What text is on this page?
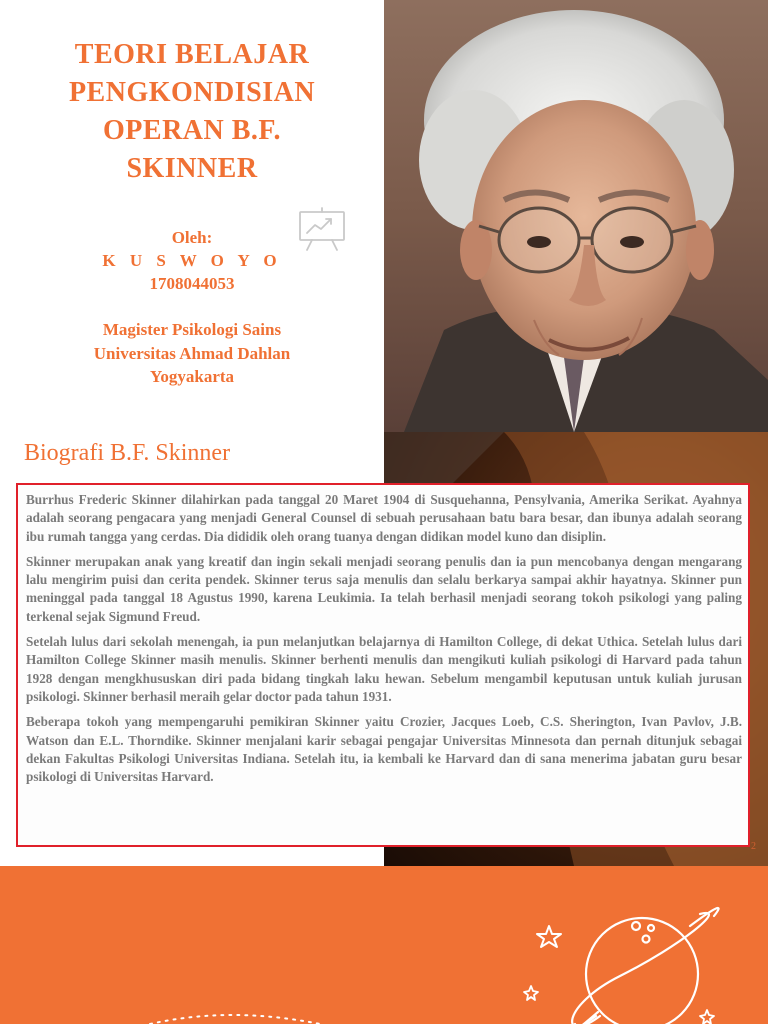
TEORI BELAJAR
PENGKONDISIAN
OPERAN B.F.
SKINNER
Oleh:
K U S W O Y O
1708044053
Magister Psikologi Sains
Universitas Ahmad Dahlan
Yogyakarta
Biografi B.F. Skinner

Burrhus Frederic Skinner dilahirkan pada tanggal 20 Maret 1904 di Susquehanna, Pensylvania, Amerika Serikat. Ayahnya adalah seorang pengacara yang menjadi General Counsel di sebuah perusahaan batu bara besar, dan ibunya adalah seorang ibu rumah tangga yang cerdas. Dia dididik oleh orang tuanya dengan didikan model kuno dan disiplin.

Skinner merupakan anak yang kreatif dan ingin sekali menjadi seorang penulis dan ia pun mencobanya dengan mengarang lalu mengirim puisi dan cerita pendek. Skinner terus saja menulis dan selalu berkarya sampai akhir hayatnya. Skinner pun meninggal pada tanggal 18 Agustus 1990, karena Leukimia. Ia telah berhasil menjadi seorang tokoh psikologi yang paling terkenal sejak Sigmund Freud.

Setelah lulus dari sekolah menengah, ia pun melanjutkan belajarnya di Hamilton College, di dekat Uthica. Setelah lulus dari Hamilton College Skinner masih menulis. Skinner berhenti menulis dan mengikuti kuliah psikologi di Harvard pada tahun 1928 dengan mengkhususkan diri pada bidang tingkah laku hewan. Sebelum mengambil keputusan untuk kuliah jurusan psikologi. Skinner berhasil meraih gelar doctor pada tahun 1931.

Beberapa tokoh yang mempengaruhi pemikiran Skinner yaitu Crozier, Jacques Loeb, C.S. Sherington, Ivan Pavlov, J.B. Watson dan E.L. Thorndike. Skinner menjalani karir sebagai pengajar Universitas Minnesota dan pernah ditunjuk sebagai dekan Fakultas Psikologi Universitas Indiana. Setelah itu, ia kembali ke Harvard dan di sana menerima jabatan guru besar psikologi di Universitas Harvard.

2
